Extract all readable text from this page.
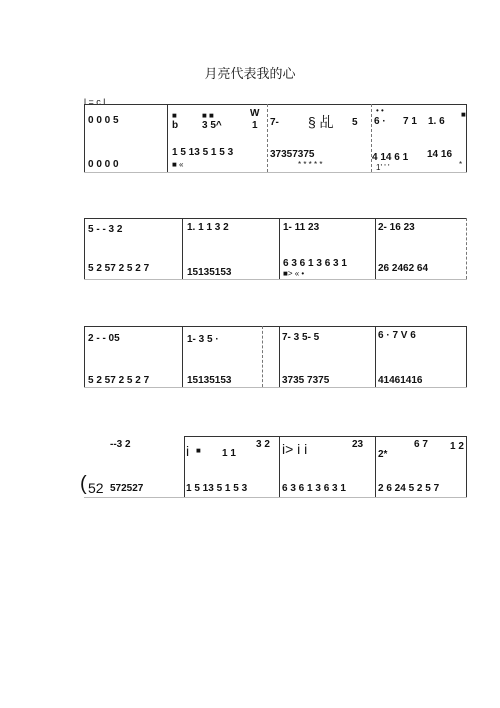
月亮代表我的心
l = c l
0 0 0 5
0 0 0 0
■	■ ■
b 3 5^
1 5 13 5 1 5 3
■ «
W
1 7- § 乩 5
37357375
* * * * *
• •	■
6 · 7 1 1. 6
4 14 6 1 14 16
1' ' '	*
5 - - 3 2
5 2 57 2 5 2 7
1. 1 1 3 2
15135153
1- 11 23
6 3 6 1 3 6 3 1
■> « •
2- 16 23
26 2462 64
2 - - 05
5 2 57 2 5 2 7
1- 3 5 ·
15135153
7- 3 5- 5
3735 7375
6 · 7 V 6
41461416
--3 2
( 52 572527
i ■ 1 1
3 2
1 5 13 5 1 5 3
i> i i	23
6 3 6 1 3 6 3 1
2*
6 7 1 2
2 6 24 5 2 5 7
